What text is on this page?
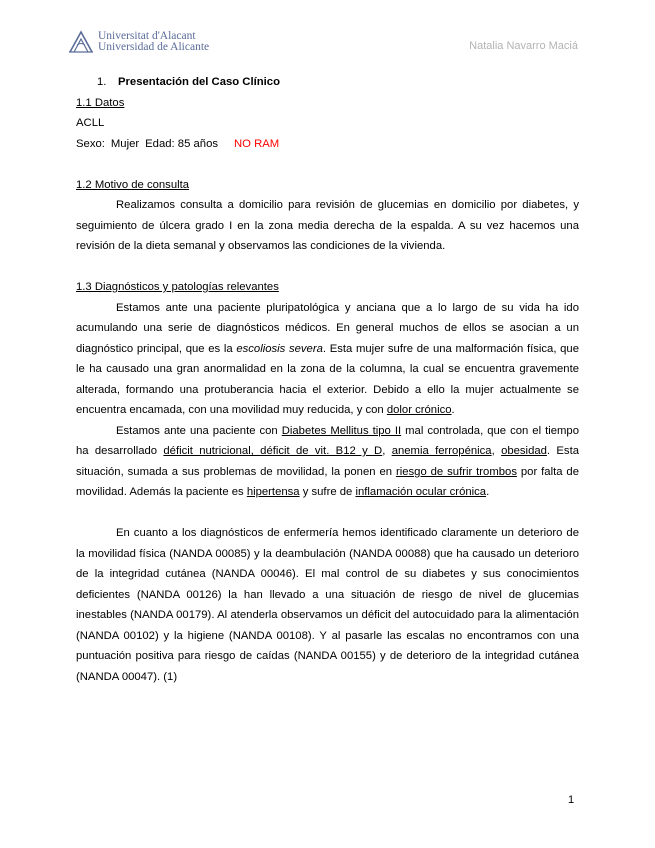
Universitat d'Alacant
Universidad de Alicante	Natalia Navarro Maciá

1. Presentación del Caso Clínico

1.1 Datos

ACLL

Sexo: Mujer Edad: 85 años NO RAM

1.2 Motivo de consulta

Realizamos consulta a domicilio para revisión de glucemias en domicilio por diabetes, y seguimiento de úlcera grado I en la zona media derecha de la espalda. A su vez hacemos una revisión de la dieta semanal y observamos las condiciones de la vivienda.

1.3 Diagnósticos y patologías relevantes

Estamos ante una paciente pluripatológica y anciana que a lo largo de su vida ha ido acumulando una serie de diagnósticos médicos. En general muchos de ellos se asocian a un diagnóstico principal, que es la escoliosis severa. Esta mujer sufre de una malformación física, que le ha causado una gran anormalidad en la zona de la columna, la cual se encuentra gravemente alterada, formando una protuberancia hacia el exterior. Debido a ello la mujer actualmente se encuentra encamada, con una movilidad muy reducida, y con dolor crónico.

Estamos ante una paciente con Diabetes Mellitus tipo II mal controlada, que con el tiempo ha desarrollado déficit nutricional, déficit de vit. B12 y D, anemia ferropénica, obesidad. Esta situación, sumada a sus problemas de movilidad, la ponen en riesgo de sufrir trombos por falta de movilidad. Además la paciente es hipertensa y sufre de inflamación ocular crónica.

En cuanto a los diagnósticos de enfermería hemos identificado claramente un deterioro de la movilidad física (NANDA 00085) y la deambulación (NANDA 00088) que ha causado un deterioro de la integridad cutánea (NANDA 00046). El mal control de su diabetes y sus conocimientos deficientes (NANDA 00126) la han llevado a una situación de riesgo de nivel de glucemias inestables (NANDA 00179). Al atenderla observamos un déficit del autocuidado para la alimentación (NANDA 00102) y la higiene (NANDA 00108). Y al pasarle las escalas no encontramos con una puntuación positiva para riesgo de caídas (NANDA 00155) y de deterioro de la integridad cutánea (NANDA 00047). (1)

1
